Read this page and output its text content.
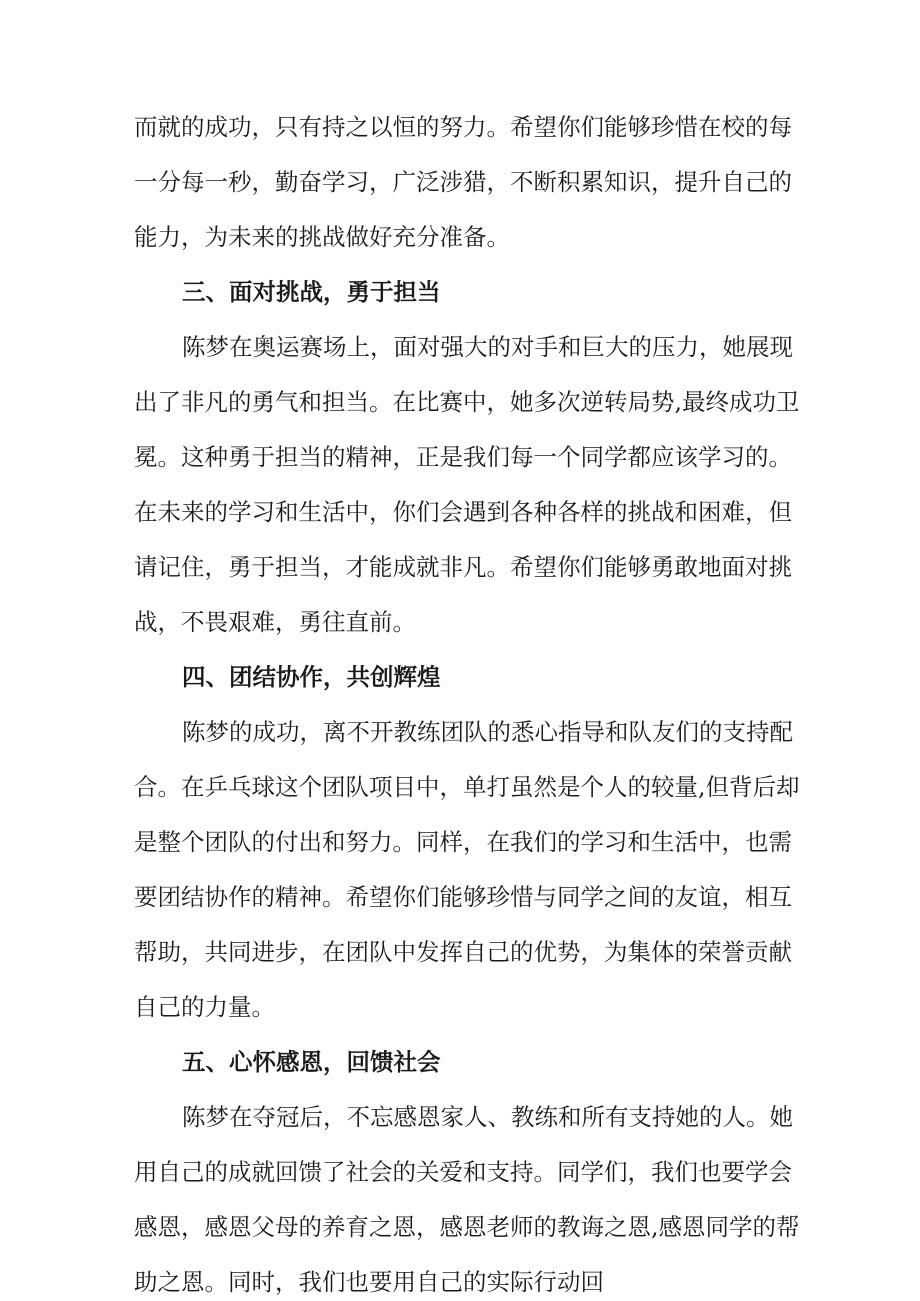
而就的成功，只有持之以恒的努力。希望你们能够珍惜在校的每
一分每一秒，勤奋学习，广泛涉猎，不断积累知识，提升自己的
能力，为未来的挑战做好充分准备。

三、面对挑战，勇于担当

陈梦在奥运赛场上，面对强大的对手和巨大的压力，她展现
出了非凡的勇气和担当。在比赛中，她多次逆转局势,最终成功卫
冕。这种勇于担当的精神，正是我们每一个同学都应该学习的。
在未来的学习和生活中，你们会遇到各种各样的挑战和困难，但
请记住，勇于担当，才能成就非凡。希望你们能够勇敢地面对挑
战，不畏艰难，勇往直前。

四、团结协作，共创辉煌

陈梦的成功，离不开教练团队的悉心指导和队友们的支持配
合。在乒乓球这个团队项目中，单打虽然是个人的较量,但背后却
是整个团队的付出和努力。同样，在我们的学习和生活中，也需
要团结协作的精神。希望你们能够珍惜与同学之间的友谊，相互
帮助，共同进步，在团队中发挥自己的优势，为集体的荣誉贡献
自己的力量。

五、心怀感恩，回馈社会

陈梦在夺冠后，不忘感恩家人、教练和所有支持她的人。她
用自己的成就回馈了社会的关爱和支持。同学们，我们也要学会
感恩，感恩父母的养育之恩，感恩老师的教诲之恩,感恩同学的帮
助之恩。同时，我们也要用自己的实际行动回
